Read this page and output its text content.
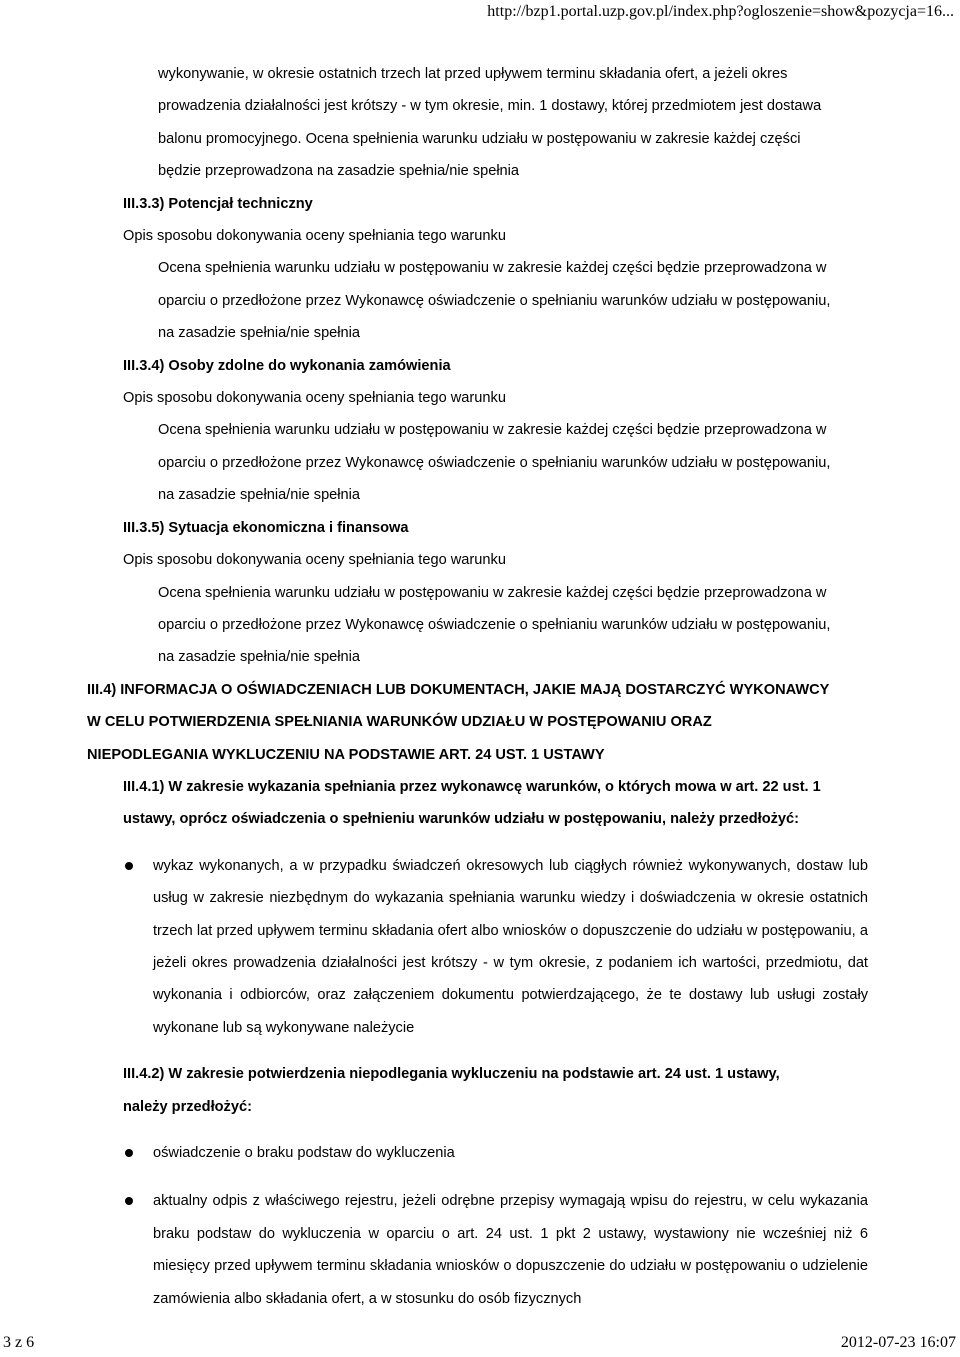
http://bzp1.portal.uzp.gov.pl/index.php?ogloszenie=show&pozycja=16...
wykonywanie, w okresie ostatnich trzech lat przed upływem terminu składania ofert, a jeżeli okres
prowadzenia działalności jest krótszy - w tym okresie, min. 1 dostawy, której przedmiotem jest dostawa
balonu promocyjnego. Ocena spełnienia warunku udziału w postępowaniu w zakresie każdej części
będzie przeprowadzona na zasadzie spełnia/nie spełnia
III.3.3) Potencjał techniczny
Opis sposobu dokonywania oceny spełniania tego warunku
Ocena spełnienia warunku udziału w postępowaniu w zakresie każdej części będzie przeprowadzona w
oparciu o przedłożone przez Wykonawcę oświadczenie o spełnianiu warunków udziału w postępowaniu,
na zasadzie spełnia/nie spełnia
III.3.4) Osoby zdolne do wykonania zamówienia
Opis sposobu dokonywania oceny spełniania tego warunku
Ocena spełnienia warunku udziału w postępowaniu w zakresie każdej części będzie przeprowadzona w
oparciu o przedłożone przez Wykonawcę oświadczenie o spełnianiu warunków udziału w postępowaniu,
na zasadzie spełnia/nie spełnia
III.3.5) Sytuacja ekonomiczna i finansowa
Opis sposobu dokonywania oceny spełniania tego warunku
Ocena spełnienia warunku udziału w postępowaniu w zakresie każdej części będzie przeprowadzona w
oparciu o przedłożone przez Wykonawcę oświadczenie o spełnianiu warunków udziału w postępowaniu,
na zasadzie spełnia/nie spełnia
III.4) INFORMACJA O OŚWIADCZENIACH LUB DOKUMENTACH, JAKIE MAJĄ DOSTARCZYĆ WYKONAWCY
W CELU POTWIERDZENIA SPEŁNIANIA WARUNKÓW UDZIAŁU W POSTĘPOWANIU ORAZ
NIEPODLEGANIA WYKLUCZENIU NA PODSTAWIE ART. 24 UST. 1 USTAWY
III.4.1) W zakresie wykazania spełniania przez wykonawcę warunków, o których mowa w art. 22 ust. 1
ustawy, oprócz oświadczenia o spełnieniu warunków udziału w postępowaniu, należy przedłożyć:
wykaz wykonanych, a w przypadku świadczeń okresowych lub ciągłych również wykonywanych, dostaw lub usług w zakresie niezbędnym do wykazania spełniania warunku wiedzy i doświadczenia w okresie ostatnich trzech lat przed upływem terminu składania ofert albo wniosków o dopuszczenie do udziału w postępowaniu, a jeżeli okres prowadzenia działalności jest krótszy - w tym okresie, z podaniem ich wartości, przedmiotu, dat wykonania i odbiorców, oraz załączeniem dokumentu potwierdzającego, że te dostawy lub usługi zostały wykonane lub są wykonywane należycie
III.4.2) W zakresie potwierdzenia niepodlegania wykluczeniu na podstawie art. 24 ust. 1 ustawy,
należy przedłożyć:
oświadczenie o braku podstaw do wykluczenia
aktualny odpis z właściwego rejestru, jeżeli odrębne przepisy wymagają wpisu do rejestru, w celu wykazania braku podstaw do wykluczenia w oparciu o art. 24 ust. 1 pkt 2 ustawy, wystawiony nie wcześniej niż 6 miesięcy przed upływem terminu składania wniosków o dopuszczenie do udziału w postępowaniu o udzielenie zamówienia albo składania ofert, a w stosunku do osób fizycznych
3 z 6	2012-07-23 16:07
